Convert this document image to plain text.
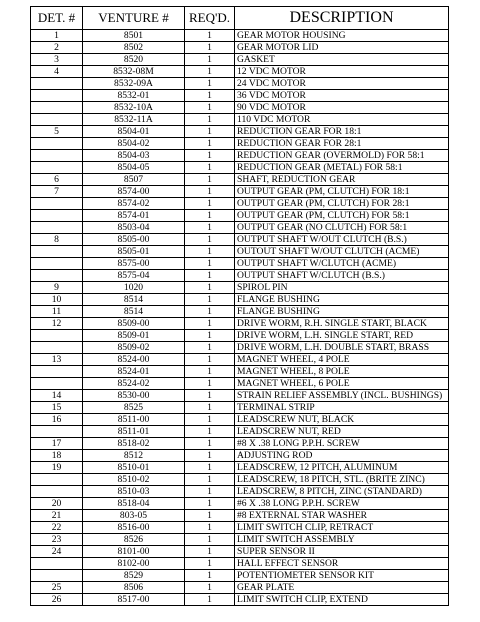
DET. #	VENTURE #	REQ'D.	DESCRIPTION
1	8501	1	GEAR MOTOR HOUSING
2	8502	1	GEAR MOTOR LID
3	8520	1	GASKET
4	8532-08M	1	12 VDC MOTOR
	8532-09A	1	24 VDC MOTOR
	8532-01	1	36 VDC MOTOR
	8532-10A	1	90 VDC MOTOR
	8532-11A	1	110 VDC MOTOR
5	8504-01	1	REDUCTION GEAR FOR 18:1
	8504-02	1	REDUCTION GEAR FOR 28:1
	8504-03	1	REDUCTION GEAR (OVERMOLD) FOR 58:1
	8504-05	1	REDUCTION GEAR (METAL) FOR 58:1
6	8507	1	SHAFT, REDUCTION GEAR
7	8574-00	1	OUTPUT GEAR (PM, CLUTCH) FOR 18:1
	8574-02	1	OUTPUT GEAR (PM, CLUTCH) FOR 28:1
	8574-01	1	OUTPUT GEAR (PM, CLUTCH) FOR 58:1
	8503-04	1	OUTPUT GEAR (NO CLUTCH) FOR 58:1
8	8505-00	1	OUTPUT SHAFT W/OUT CLUTCH (B.S.)
	8505-01	1	OUTOUT SHAFT W/OUT CLUTCH (ACME)
	8575-00	1	OUTPUT SHAFT W/CLUTCH (ACME)
	8575-04	1	OUTPUT SHAFT W/CLUTCH (B.S.)
9	1020	1	SPIROL PIN
10	8514	1	FLANGE BUSHING
11	8514	1	FLANGE BUSHING
12	8509-00	1	DRIVE WORM, R.H. SINGLE START, BLACK
	8509-01	1	DRIVE WORM, L.H. SINGLE START, RED
	8509-02	1	DRIVE WORM, L.H. DOUBLE START, BRASS
13	8524-00	1	MAGNET WHEEL, 4 POLE
	8524-01	1	MAGNET WHEEL, 8 POLE
	8524-02	1	MAGNET WHEEL, 6 POLE
14	8530-00	1	STRAIN RELIEF ASSEMBLY (INCL. BUSHINGS)
15	8525	1	TERMINAL STRIP
16	8511-00	1	LEADSCREW NUT, BLACK
	8511-01	1	LEADSCREW NUT, RED
17	8518-02	1	#8 X .38 LONG P.P.H. SCREW
18	8512	1	ADJUSTING ROD
19	8510-01	1	LEADSCREW, 12 PITCH, ALUMINUM
	8510-02	1	LEADSCREW, 18 PITCH, STL. (BRITE ZINC)
	8510-03	1	LEADSCREW, 8 PITCH, ZINC (STANDARD)
20	8518-04	1	#6 X .38 LONG P.P.H. SCREW
21	803-05	1	#8 EXTERNAL STAR WASHER
22	8516-00	1	LIMIT SWITCH CLIP, RETRACT
23	8526	1	LIMIT SWITCH ASSEMBLY
24	8101-00	1	SUPER SENSOR II
	8102-00	1	HALL EFFECT SENSOR
	8529	1	POTENTIOMETER SENSOR KIT
25	8506	1	GEAR PLATE
26	8517-00	1	LIMIT SWITCH CLIP, EXTEND
